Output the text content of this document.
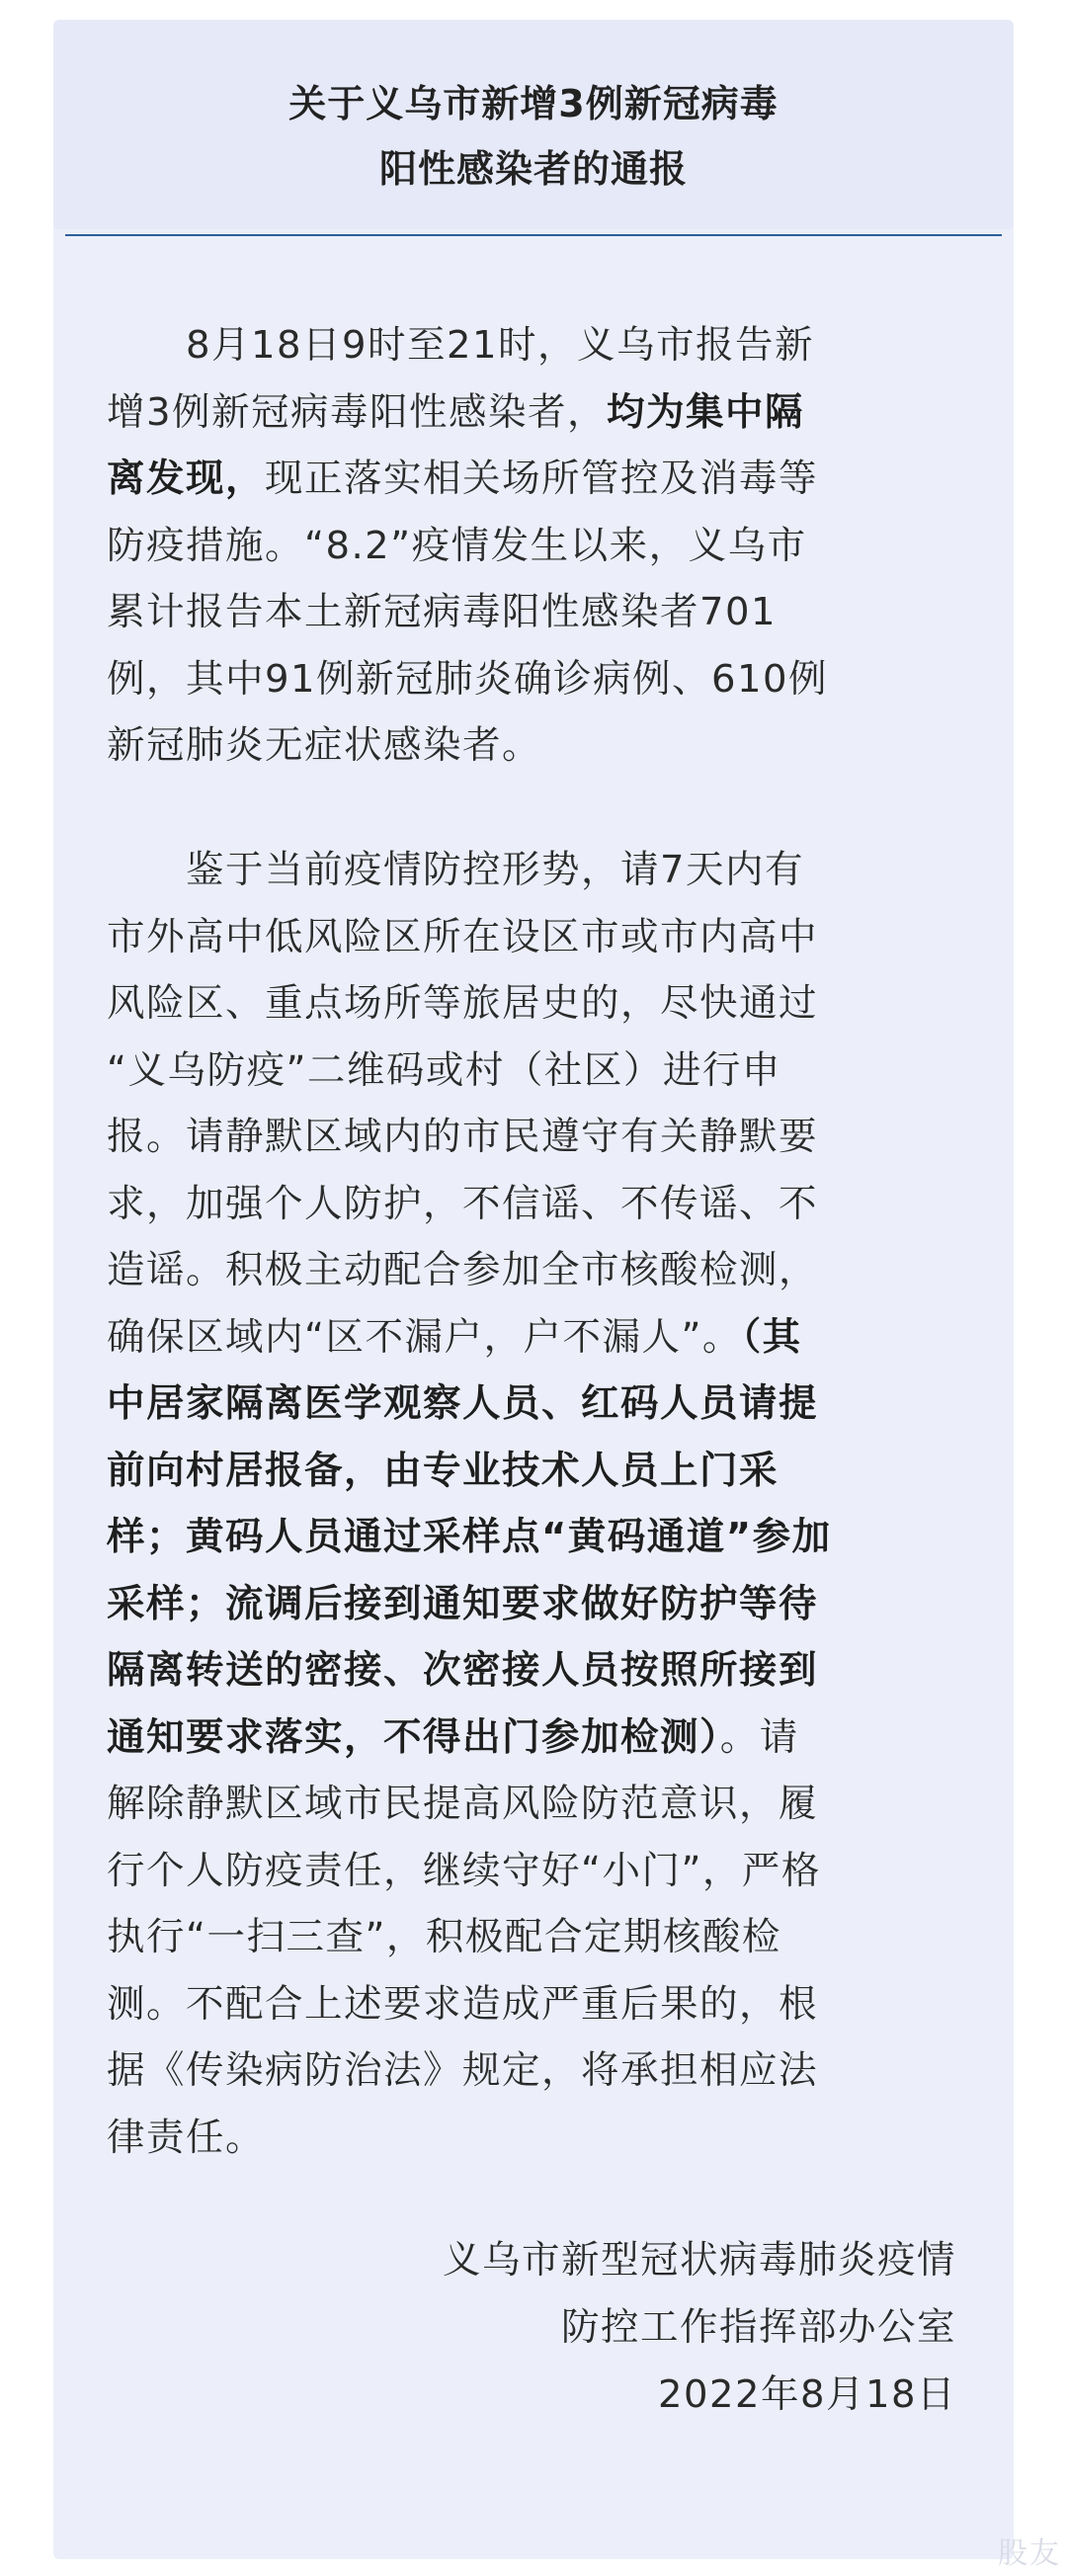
关于义乌市新增3例新冠病毒
阳性感染者的通报

　　8月18日9时至21时，义乌市报告新
增3例新冠病毒阳性感染者，均为集中隔
离发现，现正落实相关场所管控及消毒等
防疫措施。“8.2”疫情发生以来，义乌市
累计报告本土新冠病毒阳性感染者701
例，其中91例新冠肺炎确诊病例、610例
新冠肺炎无症状感染者。

　　鉴于当前疫情防控形势，请7天内有
市外高中低风险区所在设区市或市内高中
风险区、重点场所等旅居史的，尽快通过
“义乌防疫”二维码或村（社区）进行申
报。请静默区域内的市民遵守有关静默要
求，加强个人防护，不信谣、不传谣、不
造谣。积极主动配合参加全市核酸检测，
确保区域内“区不漏户，户不漏人”。（其
中居家隔离医学观察人员、红码人员请提
前向村居报备，由专业技术人员上门采
样；黄码人员通过采样点“黄码通道”参加
采样；流调后接到通知要求做好防护等待
隔离转送的密接、次密接人员按照所接到
通知要求落实，不得出门参加检测）。请
解除静默区域市民提高风险防范意识，履
行个人防疫责任，继续守好“小门”，严格
执行“一扫三查”，积极配合定期核酸检
测。不配合上述要求造成严重后果的，根
据《传染病防治法》规定，将承担相应法
律责任。

义乌市新型冠状病毒肺炎疫情
防控工作指挥部办公室
2022年8月18日
股友
